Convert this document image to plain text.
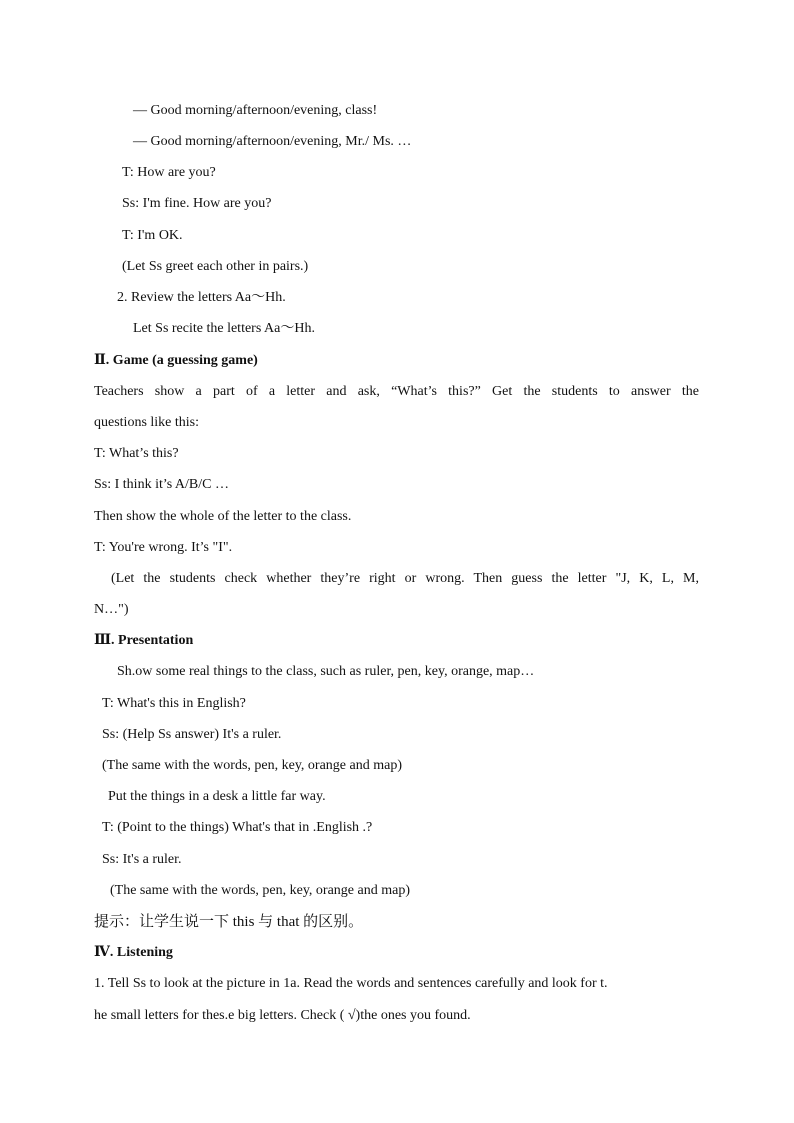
— Good morning/afternoon/evening, class!
— Good morning/afternoon/evening, Mr./ Ms. …
T: How are you?
Ss: I'm fine. How are you?
T: I'm OK.
(Let Ss greet each other in pairs.)
2. Review the letters Aa～Hh.
Let Ss recite the letters Aa～Hh.
Ⅱ. Game (a guessing game)
Teachers show a part of a letter and ask, “What’s this?” Get the students to answer the
questions like this:
T: What’s this?
Ss: I think it’s A/B/C …
Then show the whole of the letter to the class.
T: You're wrong. It’s "I".
(Let the students check whether they’re right or wrong. Then guess the letter "J, K, L, M,
N…")
Ⅲ. Presentation
Sh.ow some real things to the class, such as ruler, pen, key, orange, map…
T: What's this in English?
Ss: (Help Ss answer) It's a ruler.
(The same with the words, pen, key, orange and map)
Put the things in a desk a little far way.
T: (Point to the things) What's that in .English .?
Ss: It's a ruler.
(The same with the words, pen, key, orange and map)
提示：让学生说一下 this 与 that 的区别。
Ⅳ. Listening
1. Tell Ss to look at the picture in 1a. Read the words and sentences carefully and look for t.
he small letters for thes.e big letters. Check ( √)the ones you found.
